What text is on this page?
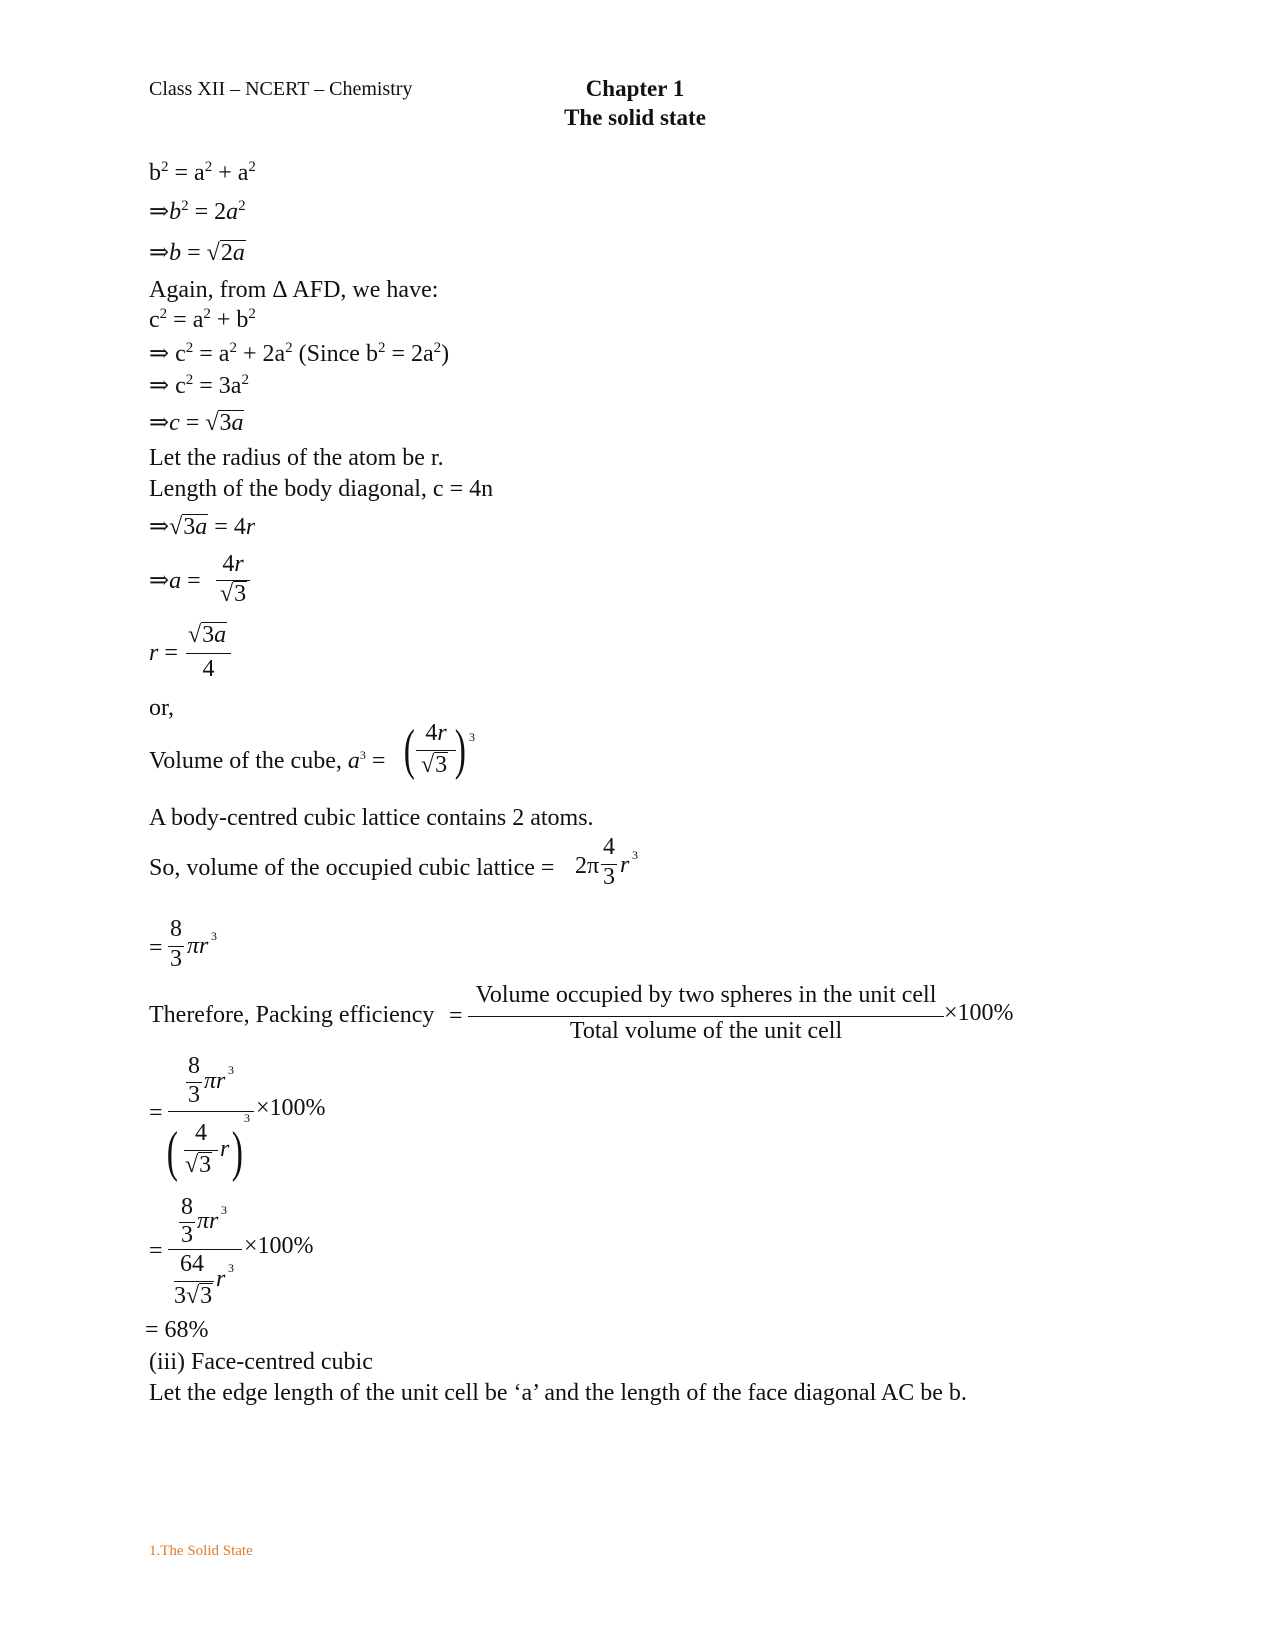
Class XII – NCERT – Chemistry	Chapter 1
The solid state
$b^2 = a^2 + a^2$
$\Rightarrow b^2 = 2a^2$
⇒b = √2a
Again, from Δ AFD, we have:
$c^2 = a^2 + b^2$
⇒ $c^2 = a^2 + 2a^2$ (Since $b^2 = 2a^2$)
⇒ $c^2 = 3a^2$
⇒c = √3a
Let the radius of the atom be r.
Length of the body diagonal, c = 4n
⇒√3a = 4r
⇒a =
4r
√3
r =
√3a
4
or,
Volume of the cube, $a^3$ = ( 4r
√3 ) 3
A body-centred cubic lattice contains 2 atoms.
So, volume of the occupied cubic lattice = 2π
4
3 r 3
=
8
3 πr 3
Therefore, Packing efficiency =
Volume occupied by two spheres in the unit cell
Total volume of the unit cell
×100%
=
8
3
πr 3
( 4
√3
r )
3 ×100%
=
8
3
πr 3
64
3√3
r 3
×100%
= 68%
(iii) Face-centred cubic
Let the edge length of the unit cell be ‘a’ and the length of the face diagonal AC be b.
1.The Solid State
